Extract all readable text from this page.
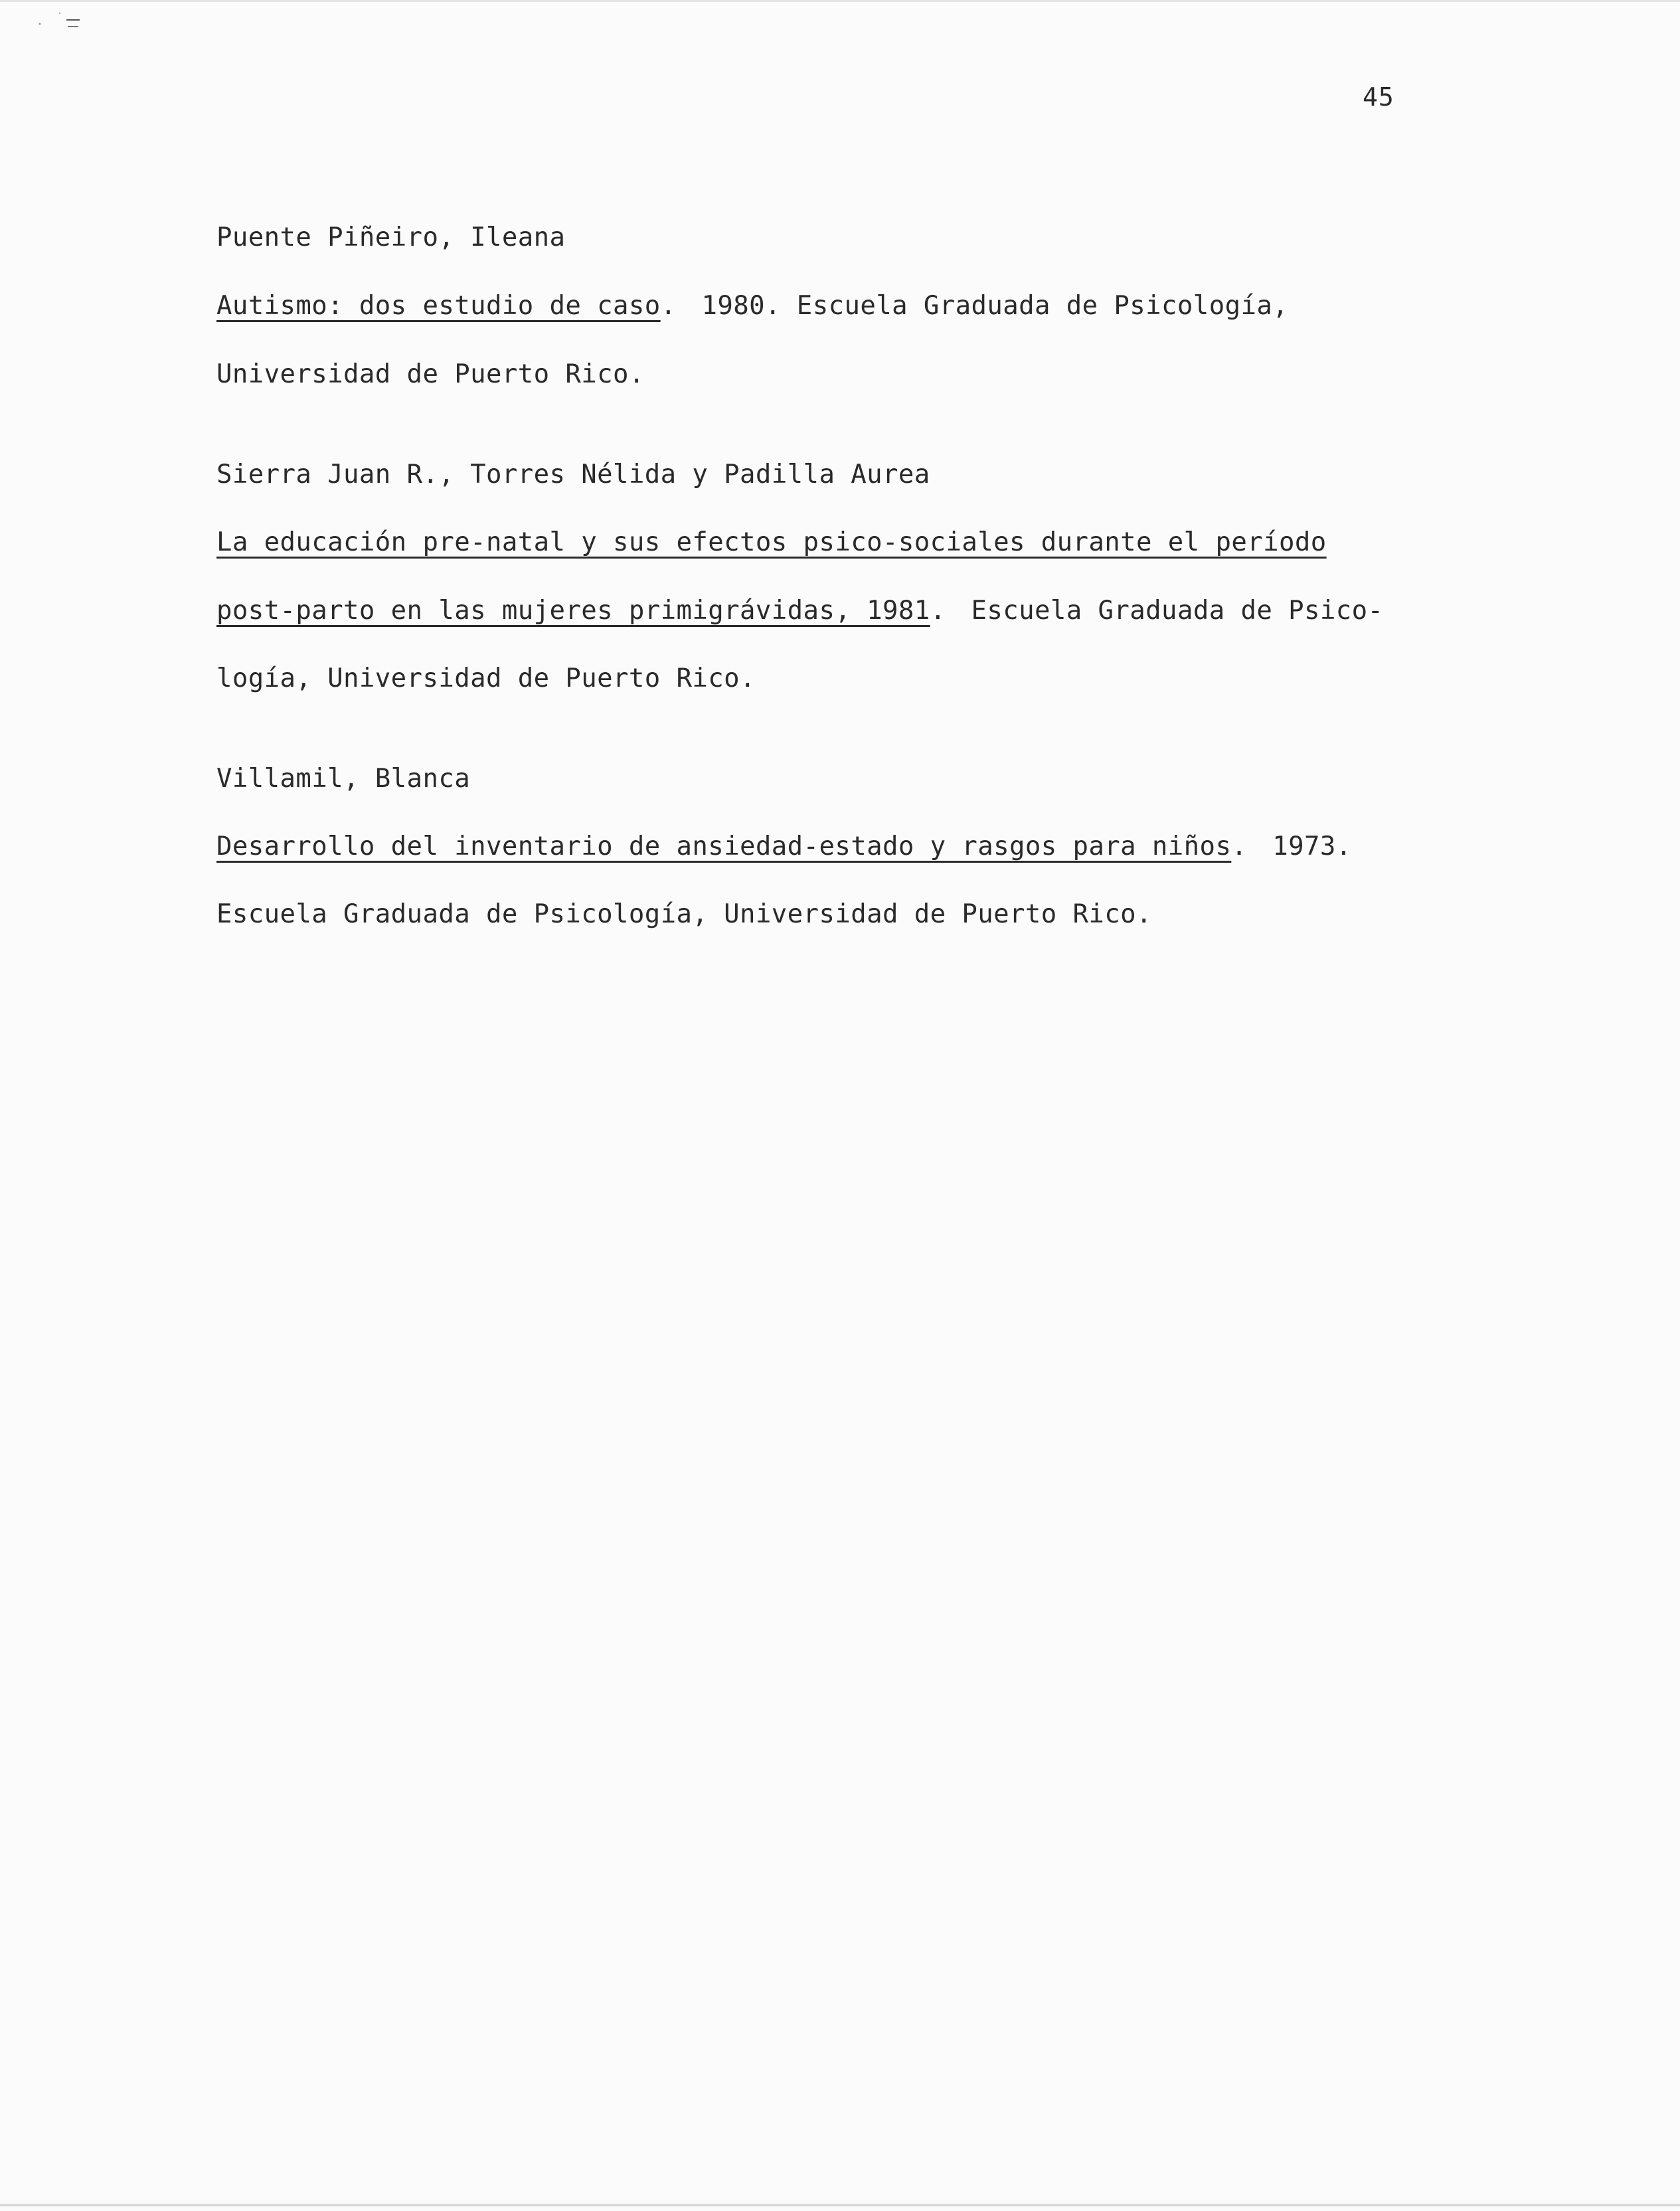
45
Puente Piñeiro, Ileana
Autismo: dos estudio de caso. 1980. Escuela Graduada de Psicología,
Universidad de Puerto Rico.
Sierra Juan R., Torres Nélida y Padilla Aurea
La educación pre-natal y sus efectos psico-sociales durante el período
post-parto en las mujeres primigrávidas, 1981. Escuela Graduada de Psico-
logía, Universidad de Puerto Rico.
Villamil, Blanca
Desarrollo del inventario de ansiedad-estado y rasgos para niños. 1973.
Escuela Graduada de Psicología, Universidad de Puerto Rico.
